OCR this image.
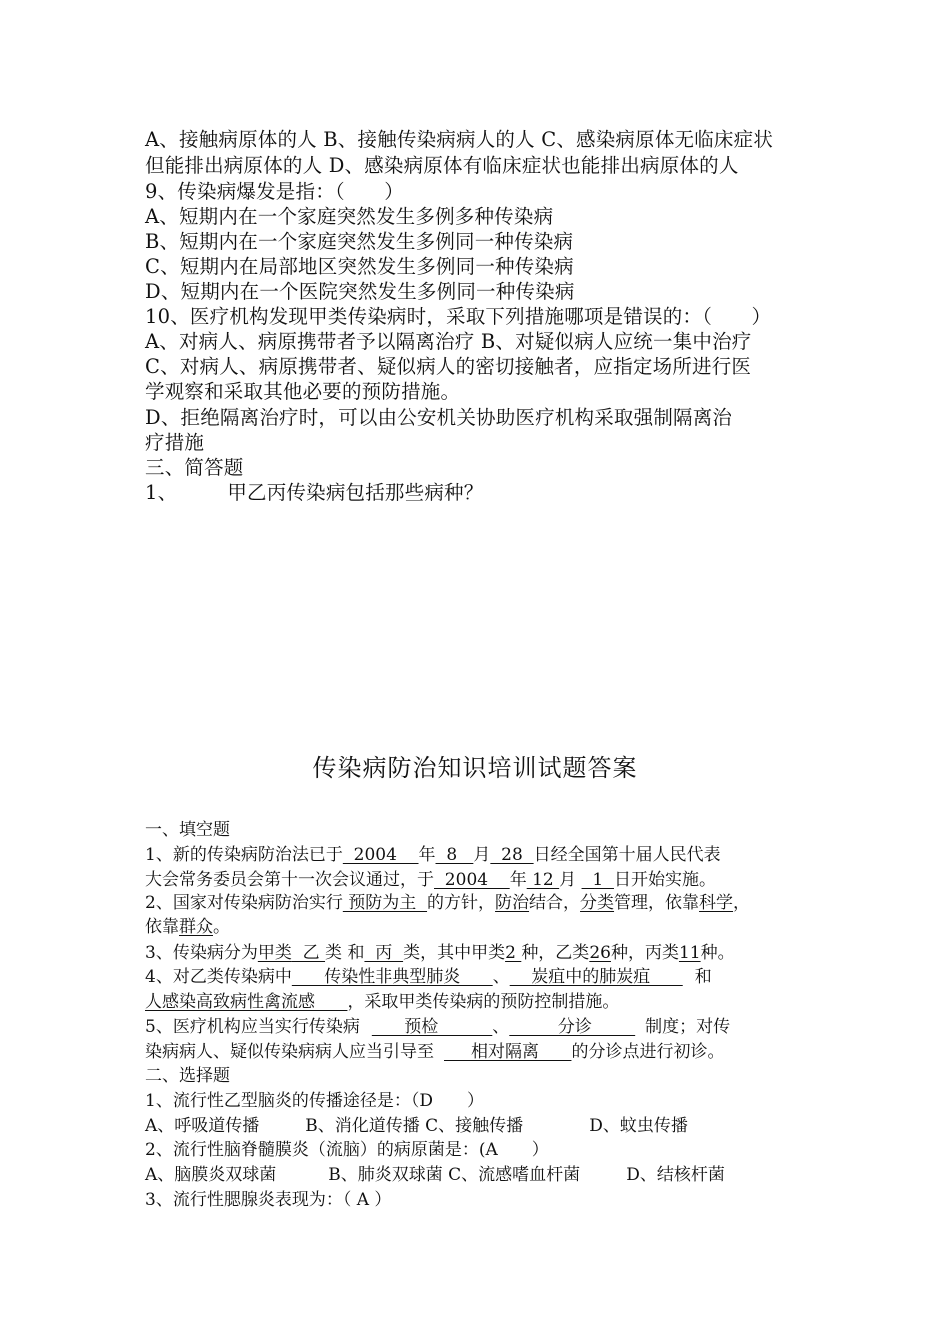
A、接触病原体的人 B、接触传染病病人的人 C、感染病原体无临床症状
但能排出病原体的人 D、感染病原体有临床症状也能排出病原体的人
9、传染病爆发是指：（　　）
A、短期内在一个家庭突然发生多例多种传染病
B、短期内在一个家庭突然发生多例同一种传染病
C、短期内在局部地区突然发生多例同一种传染病
D、短期内在一个医院突然发生多例同一种传染病
10、医疗机构发现甲类传染病时，采取下列措施哪项是错误的：（　　）
A、对病人、病原携带者予以隔离治疗 B、对疑似病人应统一集中治疗
C、对病人、病原携带者、疑似病人的密切接触者，应指定场所进行医
学观察和采取其他必要的预防措施。
D、拒绝隔离治疗时，可以由公安机关协助医疗机构采取强制隔离治
疗措施
三、简答题
1、	甲乙丙传染病包括那些病种？
传染病防治知识培训试题答案
一、填空题
1、新的传染病防治法已于  2004    年  8   月  28  日经全国第十届人民代表
大会常务委员会第十一次会议通过，于  2004    年 12 月   1  日开始实施。
2、国家对传染病防治实行 预防为主  的方针，防治结合，分类管理，依靠科学，
依靠群众。
3、传染病分为甲类  乙 类 和  丙  类，其中甲类2 种，乙类26种，丙类11种。
4、对乙类传染病中      传染性非典型肺炎      、    炭疽中的肺炭疽      和
人感染高致病性禽流感      ，采取甲类传染病的预防控制措施。
5、医疗机构应当实行传染病      预检          、         分诊        制度；对传
染病病人、疑似传染病病人应当引导至     相对隔离      的分诊点进行初诊。
二、选择题
1、流行性乙型脑炎的传播途径是：（D　　）
A、呼吸道传播	B、消化道传播 C、接触传播	D、蚊虫传播
2、流行性脑脊髓膜炎（流脑）的病原菌是：(A　　）
A、脑膜炎双球菌	B、肺炎双球菌 C、流感嗜血杆菌	D、结核杆菌
3、流行性腮腺炎表现为：（ A ）
